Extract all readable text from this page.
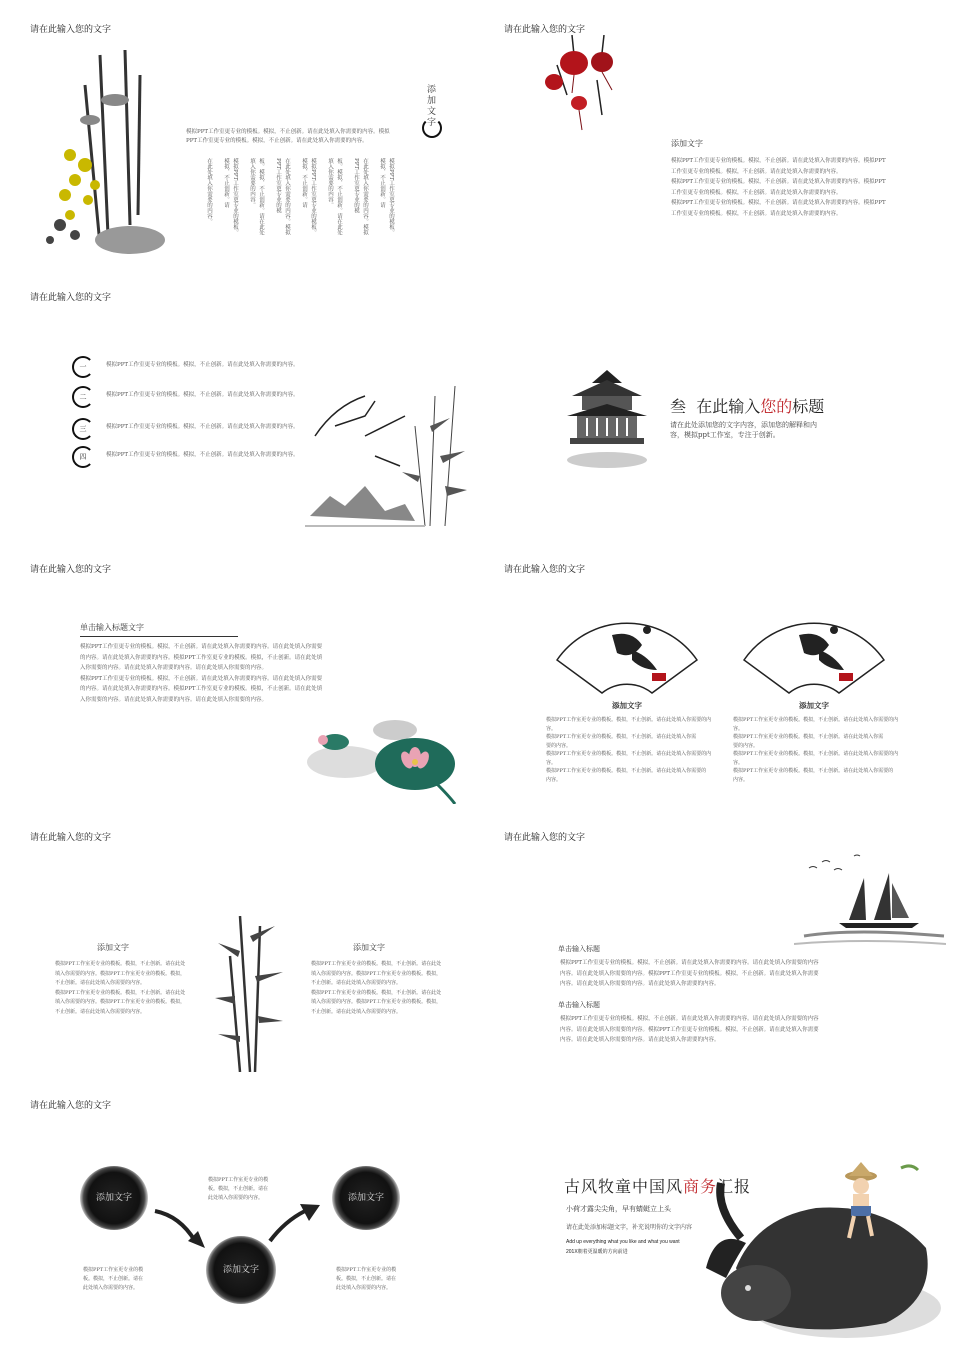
请在此输入您的文字
添加文字
模拟PPT工作室更专业的模板。模拟，不止创新。请在此处填入你需要的内容。模拟PPT工作室更专业的模板。模拟，不止创新。请在此处填入你需要的内容。
模拟PPT工作室更专业的模板。模拟，不止创新。请
在此处填入你需要的内容。模拟PPT工作室更专业的模
板。模拟，不止创新。请在此处填入你需要的内容。
模拟PPT工作室更专业的模板。模拟，不止创新。请
在此处填入你需要的内容。模拟PPT工作室更专业的模
板。模拟，不止创新。请在此处填入你需要的内容。
模拟PPT工作室更专业的模板。模拟，不止创新。请
在此处填入你需要的内容。
请在此输入您的文字
添加文字
模拟PPT工作室更专业的模板。模拟，不止创新。请在此处填入你需要的内容。模拟PPT
工作室更专业的模板。模拟，不止创新。请在此处填入你需要的内容。
模拟PPT工作室更专业的模板。模拟，不止创新。请在此处填入你需要的内容。模拟PPT
工作室更专业的模板。模拟，不止创新。请在此处填入你需要的内容。
模拟PPT工作室更专业的模板。模拟，不止创新。请在此处填入你需要的内容。模拟PPT
工作室更专业的模板。模拟，不止创新。请在此处填入你需要的内容。
请在此输入您的文字
一	模拟PPT工作室更专业的模板。模拟，不止创新。请在此处填入你需要的内容。
二	模拟PPT工作室更专业的模板。模拟，不止创新。请在此处填入你需要的内容。
三	模拟PPT工作室更专业的模板。模拟，不止创新。请在此处填入你需要的内容。
四	模拟PPT工作室更专业的模板。模拟，不止创新。请在此处填入你需要的内容。
叁 在此输入您的标题
请在此处添加您的文字内容，添加您的解释和内
容，模拟ppt工作室，专注于创新。
请在此输入您的文字
单击输入标题文字
模拟PPT工作室更专业的模板。模拟，不止创新。请在此处填入你需要的内容。请在此处填入你需要
的内容。请在此处填入你需要的内容。模拟PPT工作室更专业的模板。模拟，不止创新。请在此处填
入你需要的内容。请在此处填入你需要的内容。请在此处填入你需要的内容。
模拟PPT工作室更专业的模板。模拟，不止创新。请在此处填入你需要的内容。请在此处填入你需要
的内容。请在此处填入你需要的内容。模拟PPT工作室更专业的模板。模拟，不止创新。请在此处填
入你需要的内容。请在此处填入你需要的内容。请在此处填入你需要的内容。
请在此输入您的文字
添加文字
模拟PPT工作室更专业的模板。模拟，不止创新。请在此处填入你需要的内容。
模拟PPT工作室更专业的模板。模拟，不止创新。请在此处填入你需
要的内容。
模拟PPT工作室更专业的模板。模拟，不止创新。请在此处填入你需要的内容。
模拟PPT工作室更专业的模板。模拟，不止创新。请在此处填入你需要的
内容。
添加文字
模拟PPT工作室更专业的模板。模拟，不止创新。请在此处填入你需要的内容。
模拟PPT工作室更专业的模板。模拟，不止创新。请在此处填入你需
要的内容。
模拟PPT工作室更专业的模板。模拟，不止创新。请在此处填入你需要的内容。
模拟PPT工作室更专业的模板。模拟，不止创新。请在此处填入你需要的
内容。
请在此输入您的文字
添加文字
模拟PPT工作室更专业的模板。模拟，不止创新。请在此处
填入你需要的内容。模拟PPT工作室更专业的模板。模拟，
不止创新。请在此处填入你需要的内容。
模拟PPT工作室更专业的模板。模拟，不止创新。请在此处
填入你需要的内容。模拟PPT工作室更专业的模板。模拟，
不止创新。请在此处填入你需要的内容。
添加文字
模拟PPT工作室更专业的模板。模拟，不止创新。请在此处
填入你需要的内容。模拟PPT工作室更专业的模板。模拟，
不止创新。请在此处填入你需要的内容。
模拟PPT工作室更专业的模板。模拟，不止创新。请在此处
填入你需要的内容。模拟PPT工作室更专业的模板。模拟，
不止创新。请在此处填入你需要的内容。
请在此输入您的文字
单击输入标题
模拟PPT工作室更专业的模板。模拟，不止创新。请在此处填入你需要的内容。请在此处填入你需要的内容
内容。请在此处填入你需要的内容。模拟PPT工作室更专业的模板。模拟，不止创新。请在此处填入你需要
内容。请在此处填入你需要的内容。请在此处填入你需要的内容。
单击输入标题
模拟PPT工作室更专业的模板。模拟，不止创新。请在此处填入你需要的内容。请在此处填入你需要的内容
内容。请在此处填入你需要的内容。模拟PPT工作室更专业的模板。模拟，不止创新。请在此处填入你需要
内容。请在此处填入你需要的内容。请在此处填入你需要的内容。
请在此输入您的文字
添加文字	添加文字
添加文字
模拟PPT工作室更专业的模
板。模拟，不止创新。请在
此处填入你需要的内容。
模拟PPT工作室更专业的模
板。模拟，不止创新。请在
此处填入你需要的内容。
模拟PPT工作室更专业的模
板。模拟，不止创新。请在
此处填入你需要的内容。
古风牧童中国风商务汇报
小荷才露尖尖角，早有蜻蜓立上头
请在此处添加标题文字，补充说明你的文字内容
Add up everything what you like and what you want
201X朝着更温暖的方向前进
